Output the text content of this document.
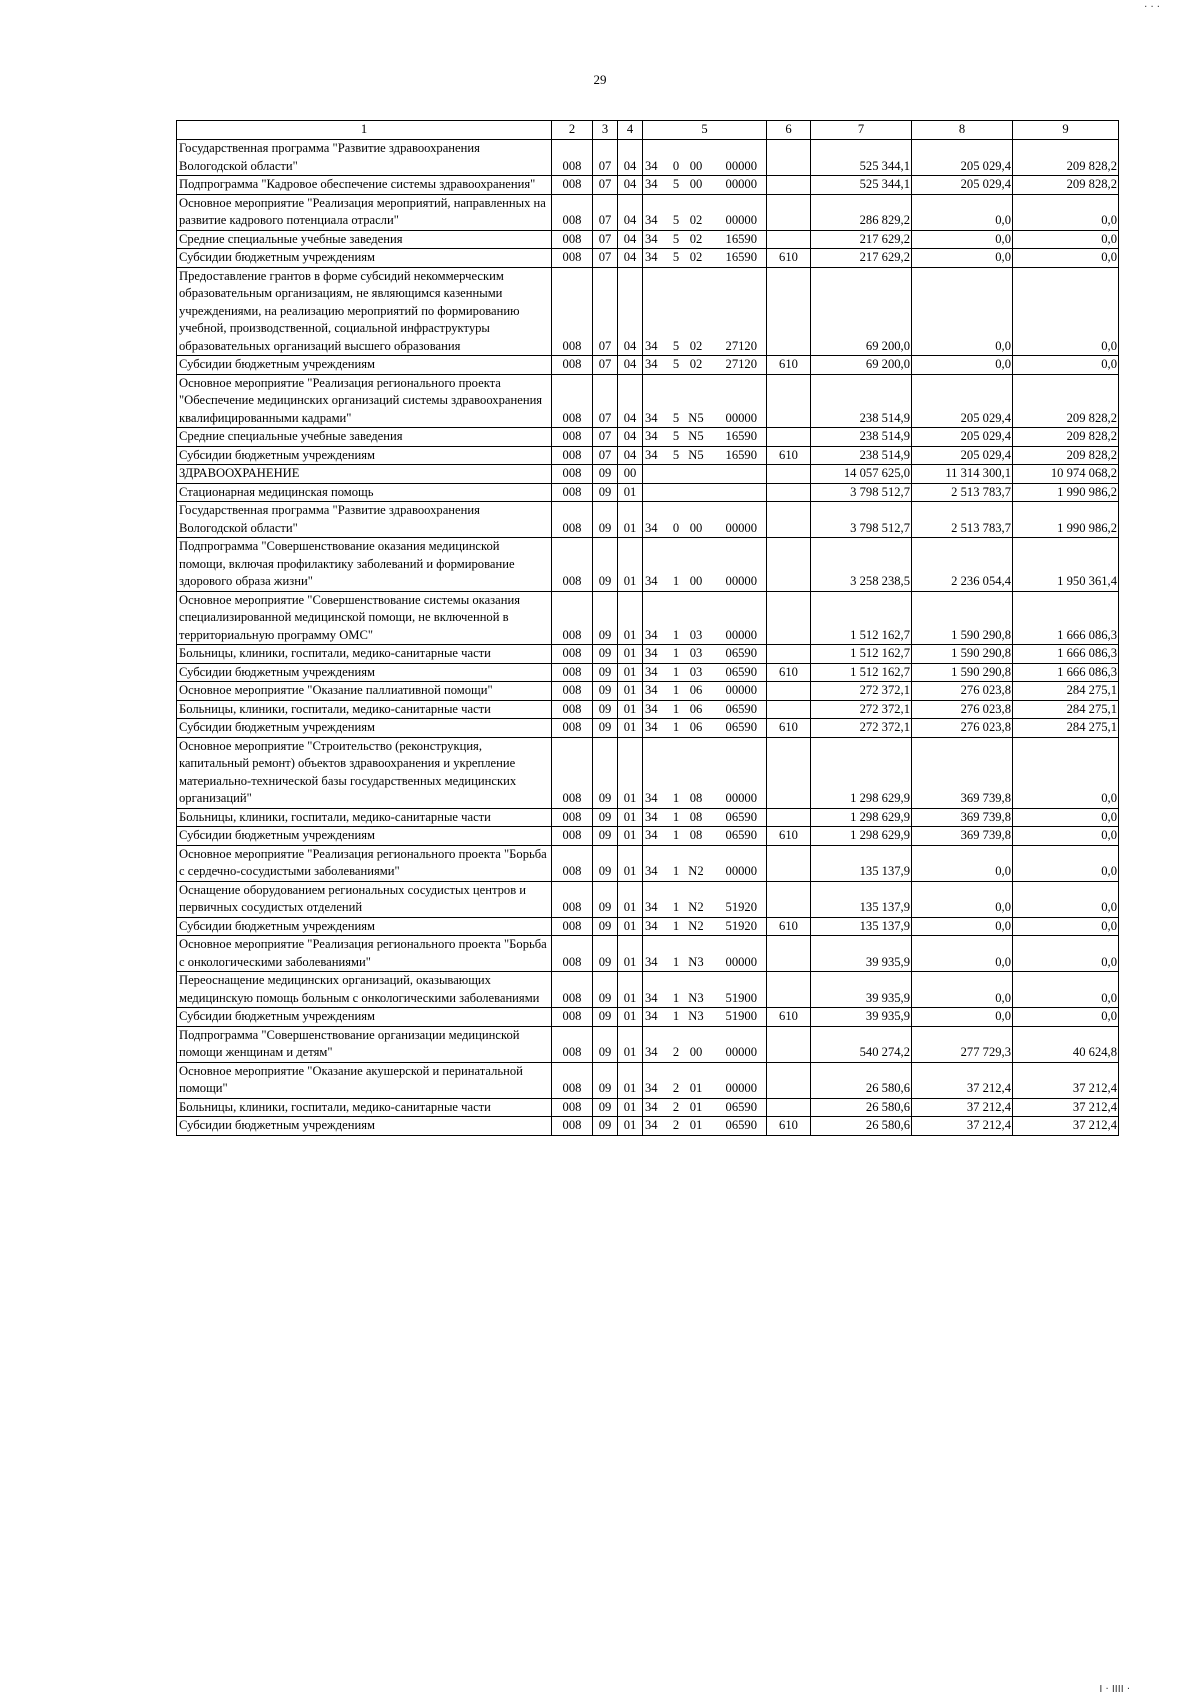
29
· · ·
I · IIII ·
1	2	3	4	5	6	7	8	9
Государственная программа "Развитие здравоохранения Вологодской области"	008	07	04	34 0 00 00000		525 344,1	205 029,4	209 828,2
Подпрограмма "Кадровое обеспечение системы здравоохранения"	008	07	04	34 5 00 00000		525 344,1	205 029,4	209 828,2
Основное мероприятие "Реализация мероприятий, направленных на развитие кадрового потенциала отрасли"	008	07	04	34 5 02 00000		286 829,2	0,0	0,0
Средние специальные учебные заведения	008	07	04	34 5 02 16590		217 629,2	0,0	0,0
Субсидии бюджетным учреждениям	008	07	04	34 5 02 16590	610	217 629,2	0,0	0,0
Предоставление грантов в форме субсидий некоммерческим образовательным организациям, не являющимся казенными учреждениями, на реализацию мероприятий по формированию учебной, производственной, социальной инфраструктуры образовательных организаций высшего образования	008	07	04	34 5 02 27120		69 200,0	0,0	0,0
Субсидии бюджетным учреждениям	008	07	04	34 5 02 27120	610	69 200,0	0,0	0,0
Основное мероприятие "Реализация регионального проекта "Обеспечение медицинских организаций системы здравоохранения квалифицированными кадрами"	008	07	04	34 5 N5 00000		238 514,9	205 029,4	209 828,2
Средние специальные учебные заведения	008	07	04	34 5 N5 16590		238 514,9	205 029,4	209 828,2
Субсидии бюджетным учреждениям	008	07	04	34 5 N5 16590	610	238 514,9	205 029,4	209 828,2
ЗДРАВООХРАНЕНИЕ	008	09	00			14 057 625,0	11 314 300,1	10 974 068,2
Стационарная медицинская помощь	008	09	01			3 798 512,7	2 513 783,7	1 990 986,2
Государственная программа "Развитие здравоохранения Вологодской области"	008	09	01	34 0 00 00000		3 798 512,7	2 513 783,7	1 990 986,2
Подпрограмма "Совершенствование оказания медицинской помощи, включая профилактику заболеваний и формирование здорового образа жизни"	008	09	01	34 1 00 00000		3 258 238,5	2 236 054,4	1 950 361,4
Основное мероприятие "Совершенствование системы оказания специализированной медицинской помощи, не включенной в территориальную программу ОМС"	008	09	01	34 1 03 00000		1 512 162,7	1 590 290,8	1 666 086,3
Больницы, клиники, госпитали, медико-санитарные части	008	09	01	34 1 03 06590		1 512 162,7	1 590 290,8	1 666 086,3
Субсидии бюджетным учреждениям	008	09	01	34 1 03 06590	610	1 512 162,7	1 590 290,8	1 666 086,3
Основное мероприятие "Оказание паллиативной помощи"	008	09	01	34 1 06 00000		272 372,1	276 023,8	284 275,1
Больницы, клиники, госпитали, медико-санитарные части	008	09	01	34 1 06 06590		272 372,1	276 023,8	284 275,1
Субсидии бюджетным учреждениям	008	09	01	34 1 06 06590	610	272 372,1	276 023,8	284 275,1
Основное мероприятие "Строительство (реконструкция, капитальный ремонт) объектов здравоохранения и укрепление материально-технической базы государственных медицинских организаций"	008	09	01	34 1 08 00000		1 298 629,9	369 739,8	0,0
Больницы, клиники, госпитали, медико-санитарные части	008	09	01	34 1 08 06590		1 298 629,9	369 739,8	0,0
Субсидии бюджетным учреждениям	008	09	01	34 1 08 06590	610	1 298 629,9	369 739,8	0,0
Основное мероприятие "Реализация регионального проекта "Борьба с сердечно-сосудистыми заболеваниями"	008	09	01	34 1 N2 00000		135 137,9	0,0	0,0
Оснащение оборудованием региональных сосудистых центров и первичных сосудистых отделений	008	09	01	34 1 N2 51920		135 137,9	0,0	0,0
Субсидии бюджетным учреждениям	008	09	01	34 1 N2 51920	610	135 137,9	0,0	0,0
Основное мероприятие "Реализация регионального проекта "Борьба с онкологическими заболеваниями"	008	09	01	34 1 N3 00000		39 935,9	0,0	0,0
Переоснащение медицинских организаций, оказывающих медицинскую помощь больным с онкологическими заболеваниями	008	09	01	34 1 N3 51900		39 935,9	0,0	0,0
Субсидии бюджетным учреждениям	008	09	01	34 1 N3 51900	610	39 935,9	0,0	0,0
Подпрограмма "Совершенствование организации медицинской помощи женщинам и детям"	008	09	01	34 2 00 00000		540 274,2	277 729,3	40 624,8
Основное мероприятие "Оказание акушерской и перинатальной помощи"	008	09	01	34 2 01 00000		26 580,6	37 212,4	37 212,4
Больницы, клиники, госпитали, медико-санитарные части	008	09	01	34 2 01 06590		26 580,6	37 212,4	37 212,4
Субсидии бюджетным учреждениям	008	09	01	34 2 01 06590	610	26 580,6	37 212,4	37 212,4
